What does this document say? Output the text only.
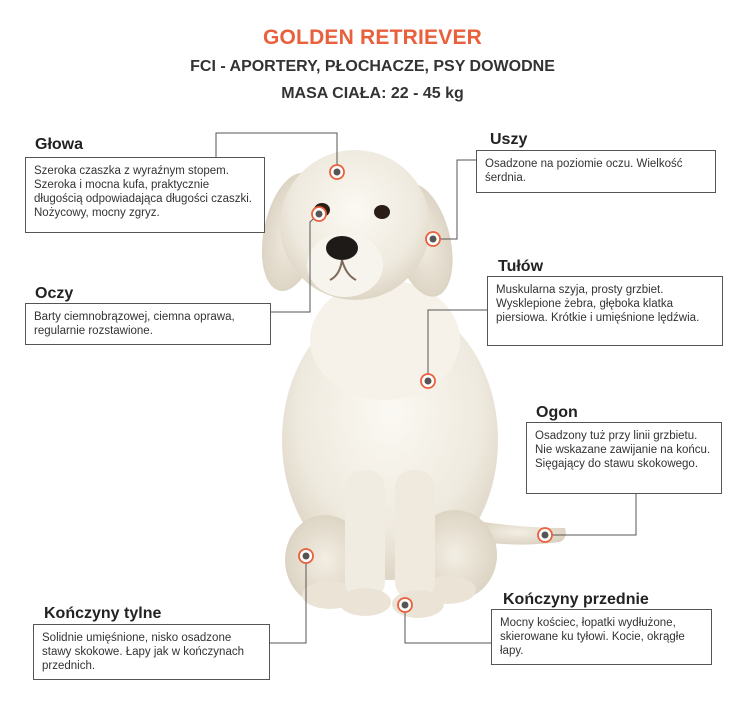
GOLDEN RETRIEVER
FCI - APORTERY, PŁOCHACZE, PSY DOWODNE
MASA CIAŁA: 22 - 45 kg
Głowa
Szeroka czaszka z wyraźnym stopem. Szeroka i mocna kufa, praktycznie długością odpowiadająca długości czaszki. Nożycowy, mocny zgryz.
Oczy
Barty ciemnobrązowej, ciemna oprawa, regularnie rozstawione.
Uszy
Osadzone na poziomie oczu. Wielkość śerdnia.
Tułów
Muskularna szyja, prosty grzbiet. Wysklepione żebra, głęboka klatka piersiowa. Krótkie i umięśnione lędźwia.
Ogon
Osadzony tuż przy linii grzbietu. Nie wskazane zawijanie na końcu. Sięgający do stawu skokowego.
Kończyny tylne
Solidnie umięśnione, nisko osadzone stawy skokowe. Łapy jak w kończynach przednich.
Kończyny przednie
Mocny kościec, łopatki wydłużone, skierowane ku tyłowi. Kocie, okrągłe łapy.
